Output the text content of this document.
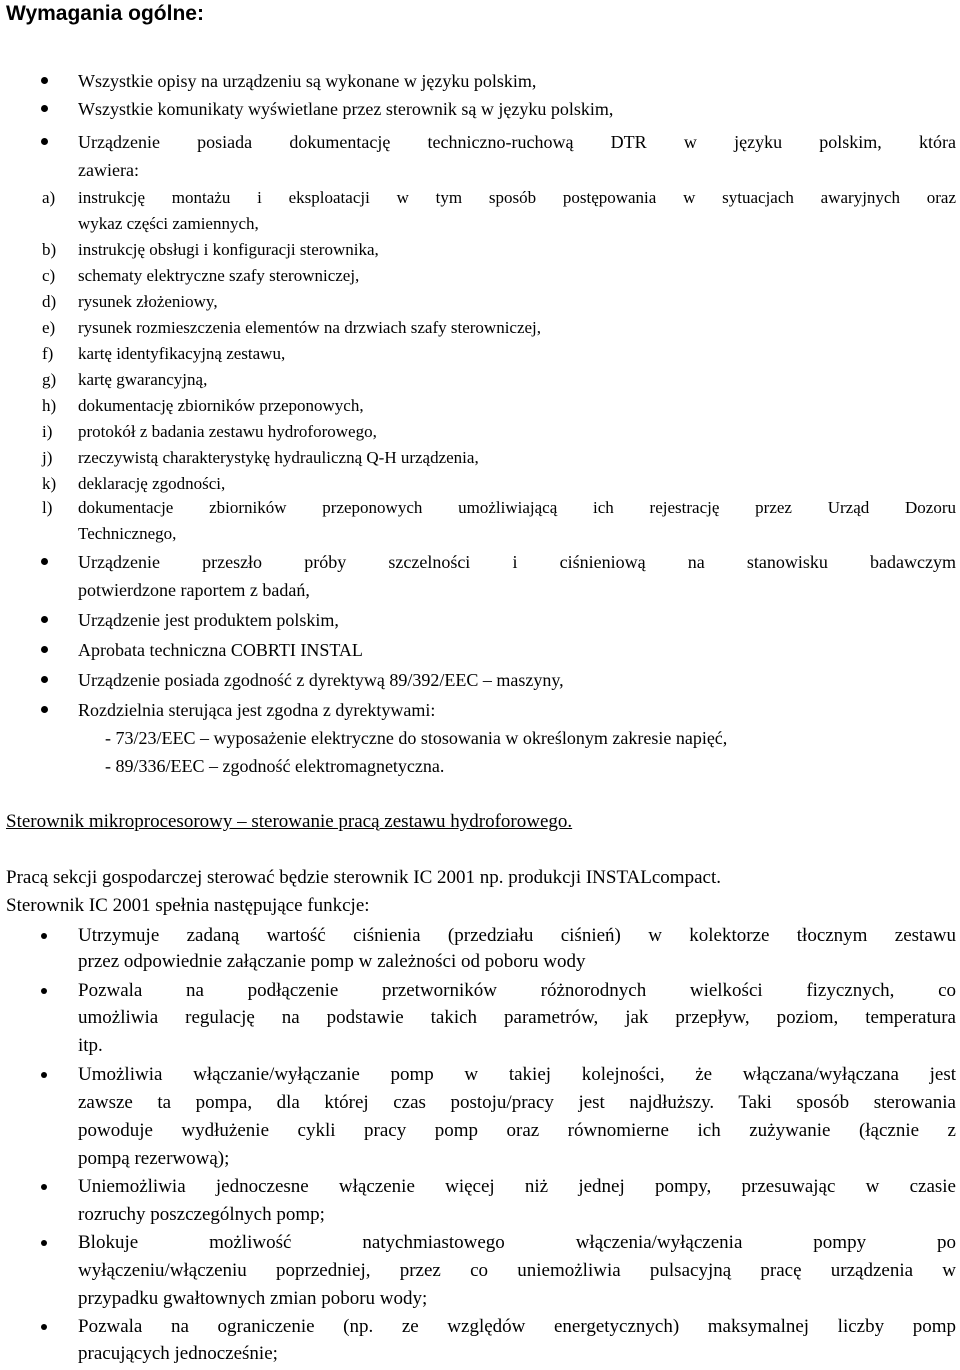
Wymagania ogólne:
Wszystkie opisy na urządzeniu są wykonane w języku polskim,
Wszystkie komunikaty wyświetlane przez sterownik są w języku polskim,
Urządzenie posiada dokumentację techniczno-ruchową DTR w języku polskim, która
zawiera:
a) instrukcję montażu i eksploatacji w tym sposób postępowania w sytuacjach awaryjnych oraz
wykaz części zamiennych,
b) instrukcję obsługi i konfiguracji sterownika,
c) schematy elektryczne szafy sterowniczej,
d) rysunek złożeniowy,
e) rysunek rozmieszczenia elementów na drzwiach szafy sterowniczej,
f) kartę identyfikacyjną zestawu,
g) kartę gwarancyjną,
h) dokumentację zbiorników przeponowych,
i) protokół z badania zestawu hydroforowego,
j) rzeczywistą charakterystykę hydrauliczną Q-H urządzenia,
k) deklarację zgodności,
l) dokumentacje zbiorników przeponowych umożliwiającą ich rejestrację przez Urząd Dozoru
Technicznego,
Urządzenie przeszło próby szczelności i ciśnieniową na stanowisku badawczym
potwierdzone raportem z badań,
Urządzenie jest produktem polskim,
Aprobata techniczna COBRTI INSTAL
Urządzenie posiada zgodność z dyrektywą 89/392/EEC – maszyny,
Rozdzielnia sterująca jest zgodna z dyrektywami:
- 73/23/EEC – wyposażenie elektryczne do stosowania w określonym zakresie napięć,
- 89/336/EEC – zgodność elektromagnetyczna.
Sterownik mikroprocesorowy – sterowanie pracą zestawu hydroforowego.
Pracą sekcji gospodarczej sterować będzie sterownik IC 2001 np. produkcji INSTALcompact.
Sterownik IC 2001 spełnia następujące funkcje:
Utrzymuje zadaną wartość ciśnienia (przedziału ciśnień) w kolektorze tłocznym zestawu
przez odpowiednie załączanie pomp w zależności od poboru wody
Pozwala na podłączenie przetworników różnorodnych wielkości fizycznych, co
umożliwia regulację na podstawie takich parametrów, jak przepływ, poziom, temperatura
itp.
Umożliwia włączanie/wyłączanie pomp w takiej kolejności, że włączana/wyłączana jest
zawsze ta pompa, dla której czas postoju/pracy jest najdłuższy. Taki sposób sterowania
powoduje wydłużenie cykli pracy pomp oraz równomierne ich zużywanie (łącznie z
pompą rezerwową);
Uniemożliwia jednoczesne włączenie więcej niż jednej pompy, przesuwając w czasie
rozruchy poszczególnych pomp;
Blokuje możliwość natychmiastowego włączenia/wyłączenia pompy po
wyłączeniu/włączeniu poprzedniej, przez co uniemożliwia pulsacyjną pracę urządzenia w
przypadku gwałtownych zmian poboru wody;
Pozwala na ograniczenie (np. ze względów energetycznych) maksymalnej liczby pomp
pracujących jednocześnie;
